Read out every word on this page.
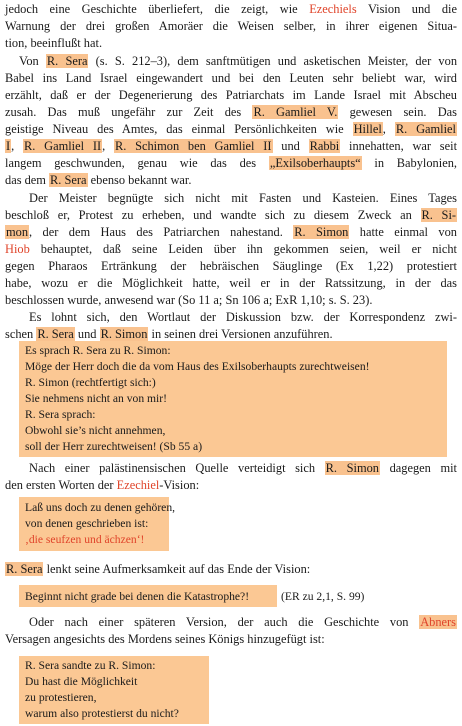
jedoch eine Geschichte überliefert, die zeigt, wie Ezechiels Vision und die
Warnung der drei großen Amoräer die Weisen selber, in ihrer eigenen Situa-
tion, beeinflußt hat.
Von R. Sera (s. S. 212–3), dem sanftmütigen und asketischen Meister, der von
Babel ins Land Israel eingewandert und bei den Leuten sehr beliebt war, wird
erzählt, daß er der Degenerierung des Patriarchats im Lande Israel mit Abscheu
zusah. Das muß ungefähr zur Zeit des R. Gamliel V. gewesen sein. Das
geistige Niveau des Amtes, das einmal Persönlichkeiten wie Hillel, R. Gamliel
I, R. Gamliel II, R. Schimon ben Gamliel II und Rabbi innehatten, war seit
langem geschwunden, genau wie das des „Exilsoberhaupts“ in Babylonien,
das dem R. Sera ebenso bekannt war.
Der Meister begnügte sich nicht mit Fasten und Kasteien. Eines Tages
beschloß er, Protest zu erheben, und wandte sich zu diesem Zweck an R. Si-
mon, der dem Haus des Patriarchen nahestand. R. Simon hatte einmal von
Hiob behauptet, daß seine Leiden über ihn gekommen seien, weil er nicht
gegen Pharaos Ertränkung der hebräischen Säuglinge (Ex 1,22) protestiert
habe, wozu er die Möglichkeit hatte, weil er in der Ratssitzung, in der das
beschlossen wurde, anwesend war (So 11 a; Sn 106 a; ExR 1,10; s. S. 23).
Es lohnt sich, den Wortlaut der Diskussion bzw. der Korrespondenz zwi-
schen R. Sera und R. Simon in seinen drei Versionen anzuführen.
Es sprach R. Sera zu R. Simon:
Möge der Herr doch die da vom Haus des Exilsoberhaupts zurechtweisen!
R. Simon (rechtfertigt sich:)
Sie nehmens nicht an von mir!
R. Sera sprach:
Obwohl sie’s nicht annehmen,
soll der Herr zurechtweisen! (Sb 55 a)
Nach einer palästinensischen Quelle verteidigt sich R. Simon dagegen mit
den ersten Worten der Ezechiel-Vision:
Laß uns doch zu denen gehören,
von denen geschrieben ist:
‚die seufzen und ächzen‘!
R. Sera lenkt seine Aufmerksamkeit auf das Ende der Vision:
Beginnt nicht grade bei denen die Katastrophe?!	(ER zu 2,1, S. 99)
Oder nach einer späteren Version, der auch die Geschichte von Abners
Versagen angesichts des Mordens seines Königs hinzugefügt ist:
R. Sera sandte zu R. Simon:
Du hast die Möglichkeit
zu protestieren,
warum also protestierst du nicht?
